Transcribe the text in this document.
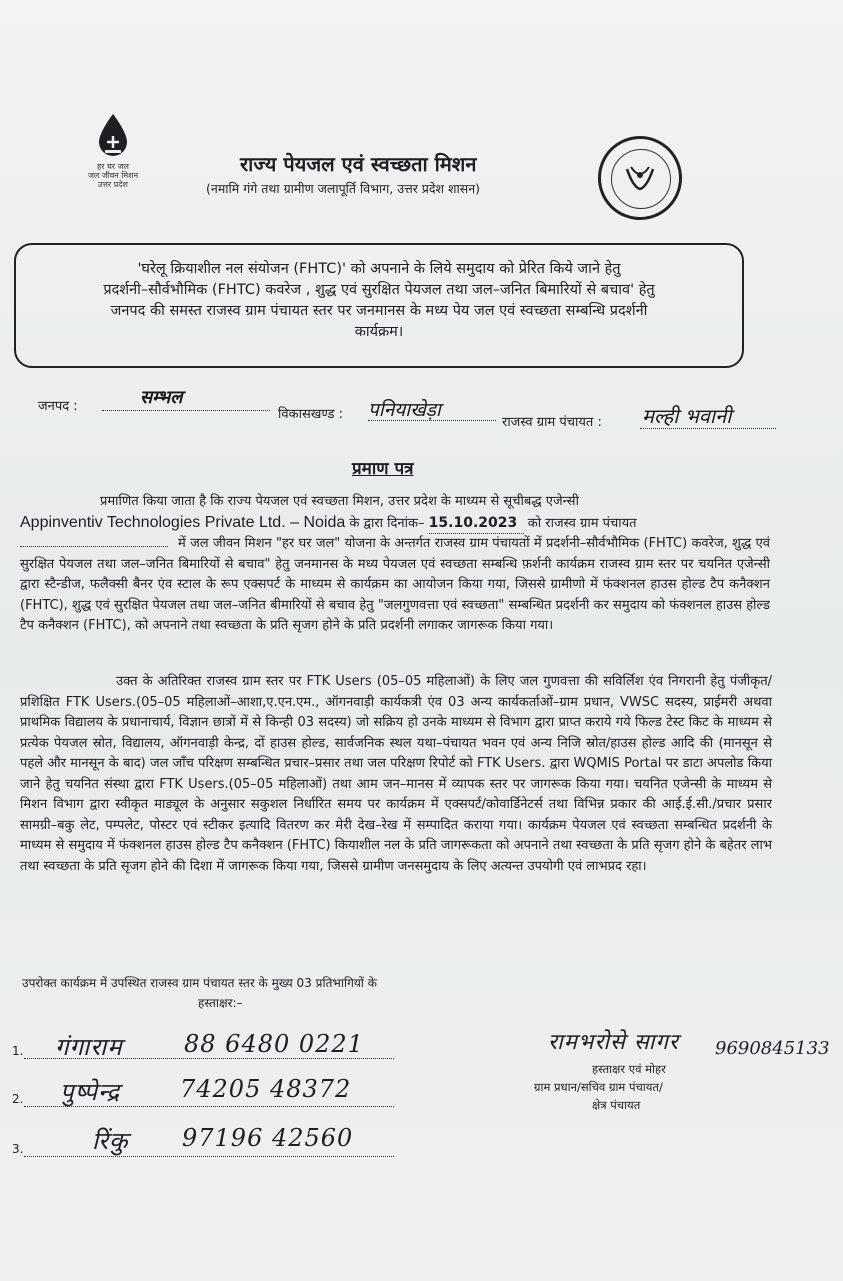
हर घर जल
जल जीवन मिशन
उत्तर प्रदेश
राज्य पेयजल एवं स्वच्छता मिशन
(नमामि गंगे तथा ग्रामीण जलापूर्ति विभाग, उत्तर प्रदेश शासन)

'घरेलू क्रियाशील नल संयोजन (FHTC)' को अपनाने के लिये समुदाय को प्रेरित किये जाने हेतु
प्रदर्शनी–सौर्वभौमिक (FHTC) कवरेज , शुद्ध एवं सुरक्षित पेयजल तथा जल–जनित बिमारियों से बचाव' हेतु
जनपद की समस्त राजस्व ग्राम पंचायत स्तर पर जनमानस के मध्य पेय जल एवं स्वच्छता सम्बन्धि प्रदर्शनी
कार्यक्रम।

जनपद :	सम्भल
विकासखण्ड : पनियाखेड़ा
राजस्व ग्राम पंचायत : मल्ही भवानी
प्रमाण पत्र
प्रमाणित किया जाता है कि राज्य पेयजल एवं स्वच्छता मिशन, उत्तर प्रदेश के माध्यम से सूचीबद्ध एजेन्सी
Appinventiv Technologies Private Ltd. – Noida के द्वारा दिनांक– 15.10.2023 को राजस्व ग्राम पंचायत
में जल जीवन मिशन "हर घर जल" योजना के अन्तर्गत राजस्व ग्राम पंचायतों में प्रदर्शनी–सौर्वभौमिक (FHTC) कवरेज, शुद्ध एवं सुरक्षित पेयजल तथा जल–जनित बिमारियों से बचाव" हेतु जनमानस के मध्य पेयजल एवं स्वच्छता सम्बन्धि फ़र्शनी कार्यक्रम राजस्व ग्राम स्तर पर चयनित एजेन्सी द्वारा स्टैन्डीज, फलैक्सी बैनर एंव स्टाल के रूप एक्सपर्ट के माध्यम से कार्यक्रम का आयोजन किया गया, जिससे ग्रामीणो में फंक्शनल हाउस होल्ड टैप कनैक्शन (FHTC), शुद्ध एवं सुरक्षित पेयजल तथा जल–जनित बीमारियों से बचाव हेतु "जलगुणवत्ता एवं स्वच्छता" सम्बन्धित प्रदर्शनी कर समुदाय को फंक्शनल हाउस होल्ड टैप कनैक्शन (FHTC), को अपनाने तथा स्वच्छता के प्रति सृजग होने के प्रति प्रदर्शनी लगाकर जागरूक किया गया।
उक्त के अतिरिक्त राजस्व ग्राम स्तर पर FTK Users (05–05 महिलाओं) के लिए जल गुणवत्ता की सविर्लिश एंव निगरानी हेतु पंजीकृत/प्रशिक्षित FTK Users.(05–05 महिलाओं–आशा,ए.एन.एम., ऑगनवाड़ी कार्यकत्री एंव 03 अन्य कार्यकर्ताओं–ग्राम प्रधान, VWSC सदस्य, प्राईमरी अथवा प्राथमिक विद्यालय के प्रधानाचार्य, विज्ञान छात्रों में से किन्ही 03 सदस्य) जो सक्रिय हो उनके माध्यम से विभाग द्वारा प्राप्त कराये गये फिल्ड टेस्ट किट के माध्यम से प्रत्येक पेयजल स्रोत, विद्यालय, ऑगनवाड़ी केन्द्र, दों हाउस होल्ड, सार्वजनिक स्थल यथा–पंचायत भवन एवं अन्य निजि स्रोत/हाउस होल्ड आदि की (मानसून से पहले और मानसून के बाद) जल जाँच परिक्षण सम्बन्धित प्रचार–प्रसार तथा जल परिक्षण रिपोर्ट को FTK Users. द्वारा WQMIS Portal पर डाटा अपलोड किया जाने हेतु चयनित संस्था द्वारा FTK Users.(05–05 महिलाओं) तथा आम जन–मानस में व्यापक स्तर पर जागरूक किया गया। चयनित एजेन्सी के माध्यम से मिशन विभाग द्वारा स्वीकृत माड्यूल के अनुसार सकुशल निर्धारित समय पर कार्यक्रम में एक्सपर्ट/कोवार्डिनेटर्स तथा विभिन्न प्रकार की आई.ई.सी./प्रचार प्रसार सामग्री–बकु लेट, पम्पलेट, पोस्टर एवं स्टीकर इत्यादि वितरण कर मेरी देख–रेख में सम्पादित कराया गया। कार्यक्रम पेयजल एवं स्वच्छता सम्बन्धित प्रदर्शनी के माध्यम से समुदाय में फंक्शनल हाउस होल्ड टैप कनैक्शन (FHTC) कियाशील नल के प्रति जागरूकता को अपनाने तथा स्वच्छता के प्रति सृजग होने के बहेतर लाभ तथा स्वच्छता के प्रति सृजग होने की दिशा में जागरूक किया गया, जिससे ग्रामीण जनसमुदाय के लिए अत्यन्त उपयोगी एवं लाभप्रद रहा।
उपरोक्त कार्यक्रम में उपस्थित राजस्व ग्राम पंचायत स्तर के मुख्य 03 प्रतिभागियों के
हस्ताक्षर:–
1. गंगाराम	88 6480 0221
2. पुष्पेन्द्र 74205 48372
3.	रिंकु 97196 42560
रामभरोसे सागर 9690845133
हस्ताक्षर एवं मोहर
ग्राम प्रधान/सचिव ग्राम पंचायत/
क्षेत्र पंचायत
